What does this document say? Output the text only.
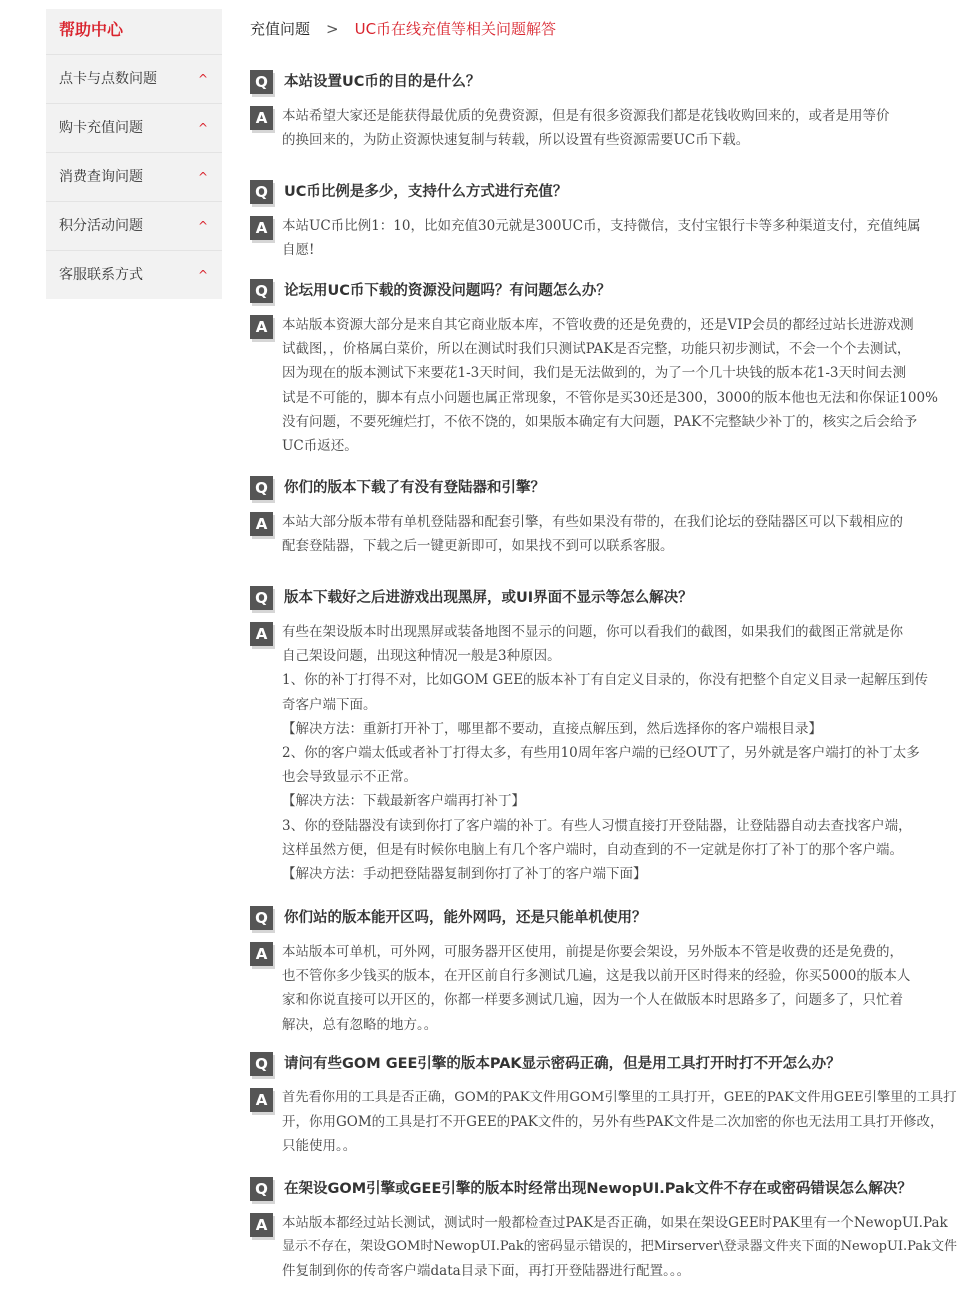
帮助中心
点卡与点数问题	^
购卡充值问题	^
消费查询问题	^
积分活动问题	^
客服联系方式	^
充值问题 > UC币在线充值等相关问题解答
Q	本站设置UC币的目的是什么？
A	本站希望大家还是能获得最优质的免费资源，但是有很多资源我们都是花钱收购回来的，或者是用等价
的换回来的，为防止资源快速复制与转载，所以设置有些资源需要UC币下载。
Q	UC币比例是多少，支持什么方式进行充值？
A	本站UC币比例1：10，比如充值30元就是300UC币，支持微信，支付宝银行卡等多种渠道支付，充值纯属
自愿!
Q	论坛用UC币下载的资源没问题吗？有问题怎么办？
A	本站版本资源大部分是来自其它商业版本库，不管收费的还是免费的，还是VIP会员的都经过站长进游戏测
试截图，，价格属白菜价，所以在测试时我们只测试PAK是否完整，功能只初步测试，不会一个个去测试，
因为现在的版本测试下来要花1-3天时间，我们是无法做到的，为了一个几十块钱的版本花1-3天时间去测
试是不可能的，脚本有点小问题也属正常现象，不管你是买30还是300，3000的版本他也无法和你保证100%
没有问题，不要死缠烂打，不依不饶的，如果版本确定有大问题，PAK不完整缺少补丁的，核实之后会给予
UC币返还。
Q	你们的版本下载了有没有登陆器和引擎？
A	本站大部分版本带有单机登陆器和配套引擎，有些如果没有带的，在我们论坛的登陆器区可以下载相应的
配套登陆器，下载之后一键更新即可，如果找不到可以联系客服。
Q	版本下载好之后进游戏出现黑屏，或UI界面不显示等怎么解决？
A	有些在架设版本时出现黑屏或装备地图不显示的问题，你可以看我们的截图，如果我们的截图正常就是你
自己架设问题，出现这种情况一般是3种原因。
1、你的补丁打得不对，比如GOM GEE的版本补丁有自定义目录的，你没有把整个自定义目录一起解压到传
奇客户端下面。
【解决方法：重新打开补丁，哪里都不要动，直接点解压到，然后选择你的客户端根目录】
2、你的客户端太低或者补丁打得太多，有些用10周年客户端的已经OUT了，另外就是客户端打的补丁太多
也会导致显示不正常。
【解决方法：下载最新客户端再打补丁】
3、你的登陆器没有读到你打了客户端的补丁。有些人习惯直接打开登陆器，让登陆器自动去查找客户端，
这样虽然方便，但是有时候你电脑上有几个客户端时，自动查到的不一定就是你打了补丁的那个客户端。
【解决方法：手动把登陆器复制到你打了补丁的客户端下面】
Q	你们站的版本能开区吗，能外网吗，还是只能单机使用？
A	本站版本可单机，可外网，可服务器开区使用，前提是你要会架设，另外版本不管是收费的还是免费的，
也不管你多少钱买的版本，在开区前自行多测试几遍，这是我以前开区时得来的经验，你买5000的版本人
家和你说直接可以开区的，你都一样要多测试几遍，因为一个人在做版本时思路多了，问题多了，只忙着
解决，总有忽略的地方。。
Q	请问有些GOM GEE引擎的版本PAK显示密码正确，但是用工具打开时打不开怎么办？
A	首先看你用的工具是否正确，GOM的PAK文件用GOM引擎里的工具打开，GEE的PAK文件用GEE引擎里的工具打
开，你用GOM的工具是打不开GEE的PAK文件的，另外有些PAK文件是二次加密的你也无法用工具打开修改，
只能使用。。
Q	在架设GOM引擎或GEE引擎的版本时经常出现NewopUI.Pak文件不存在或密码错误怎么解决？
A	本站版本都经过站长测试，测试时一般都检查过PAK是否正确，如果在架设GEE时PAK里有一个NewopUI.Pak
显示不存在，架设GOM时NewopUI.Pak的密码显示错误的，把Mirserver\登录器文件夹下面的NewopUI.Pak文件
件复制到你的传奇客户端data目录下面，再打开登陆器进行配置。。。
